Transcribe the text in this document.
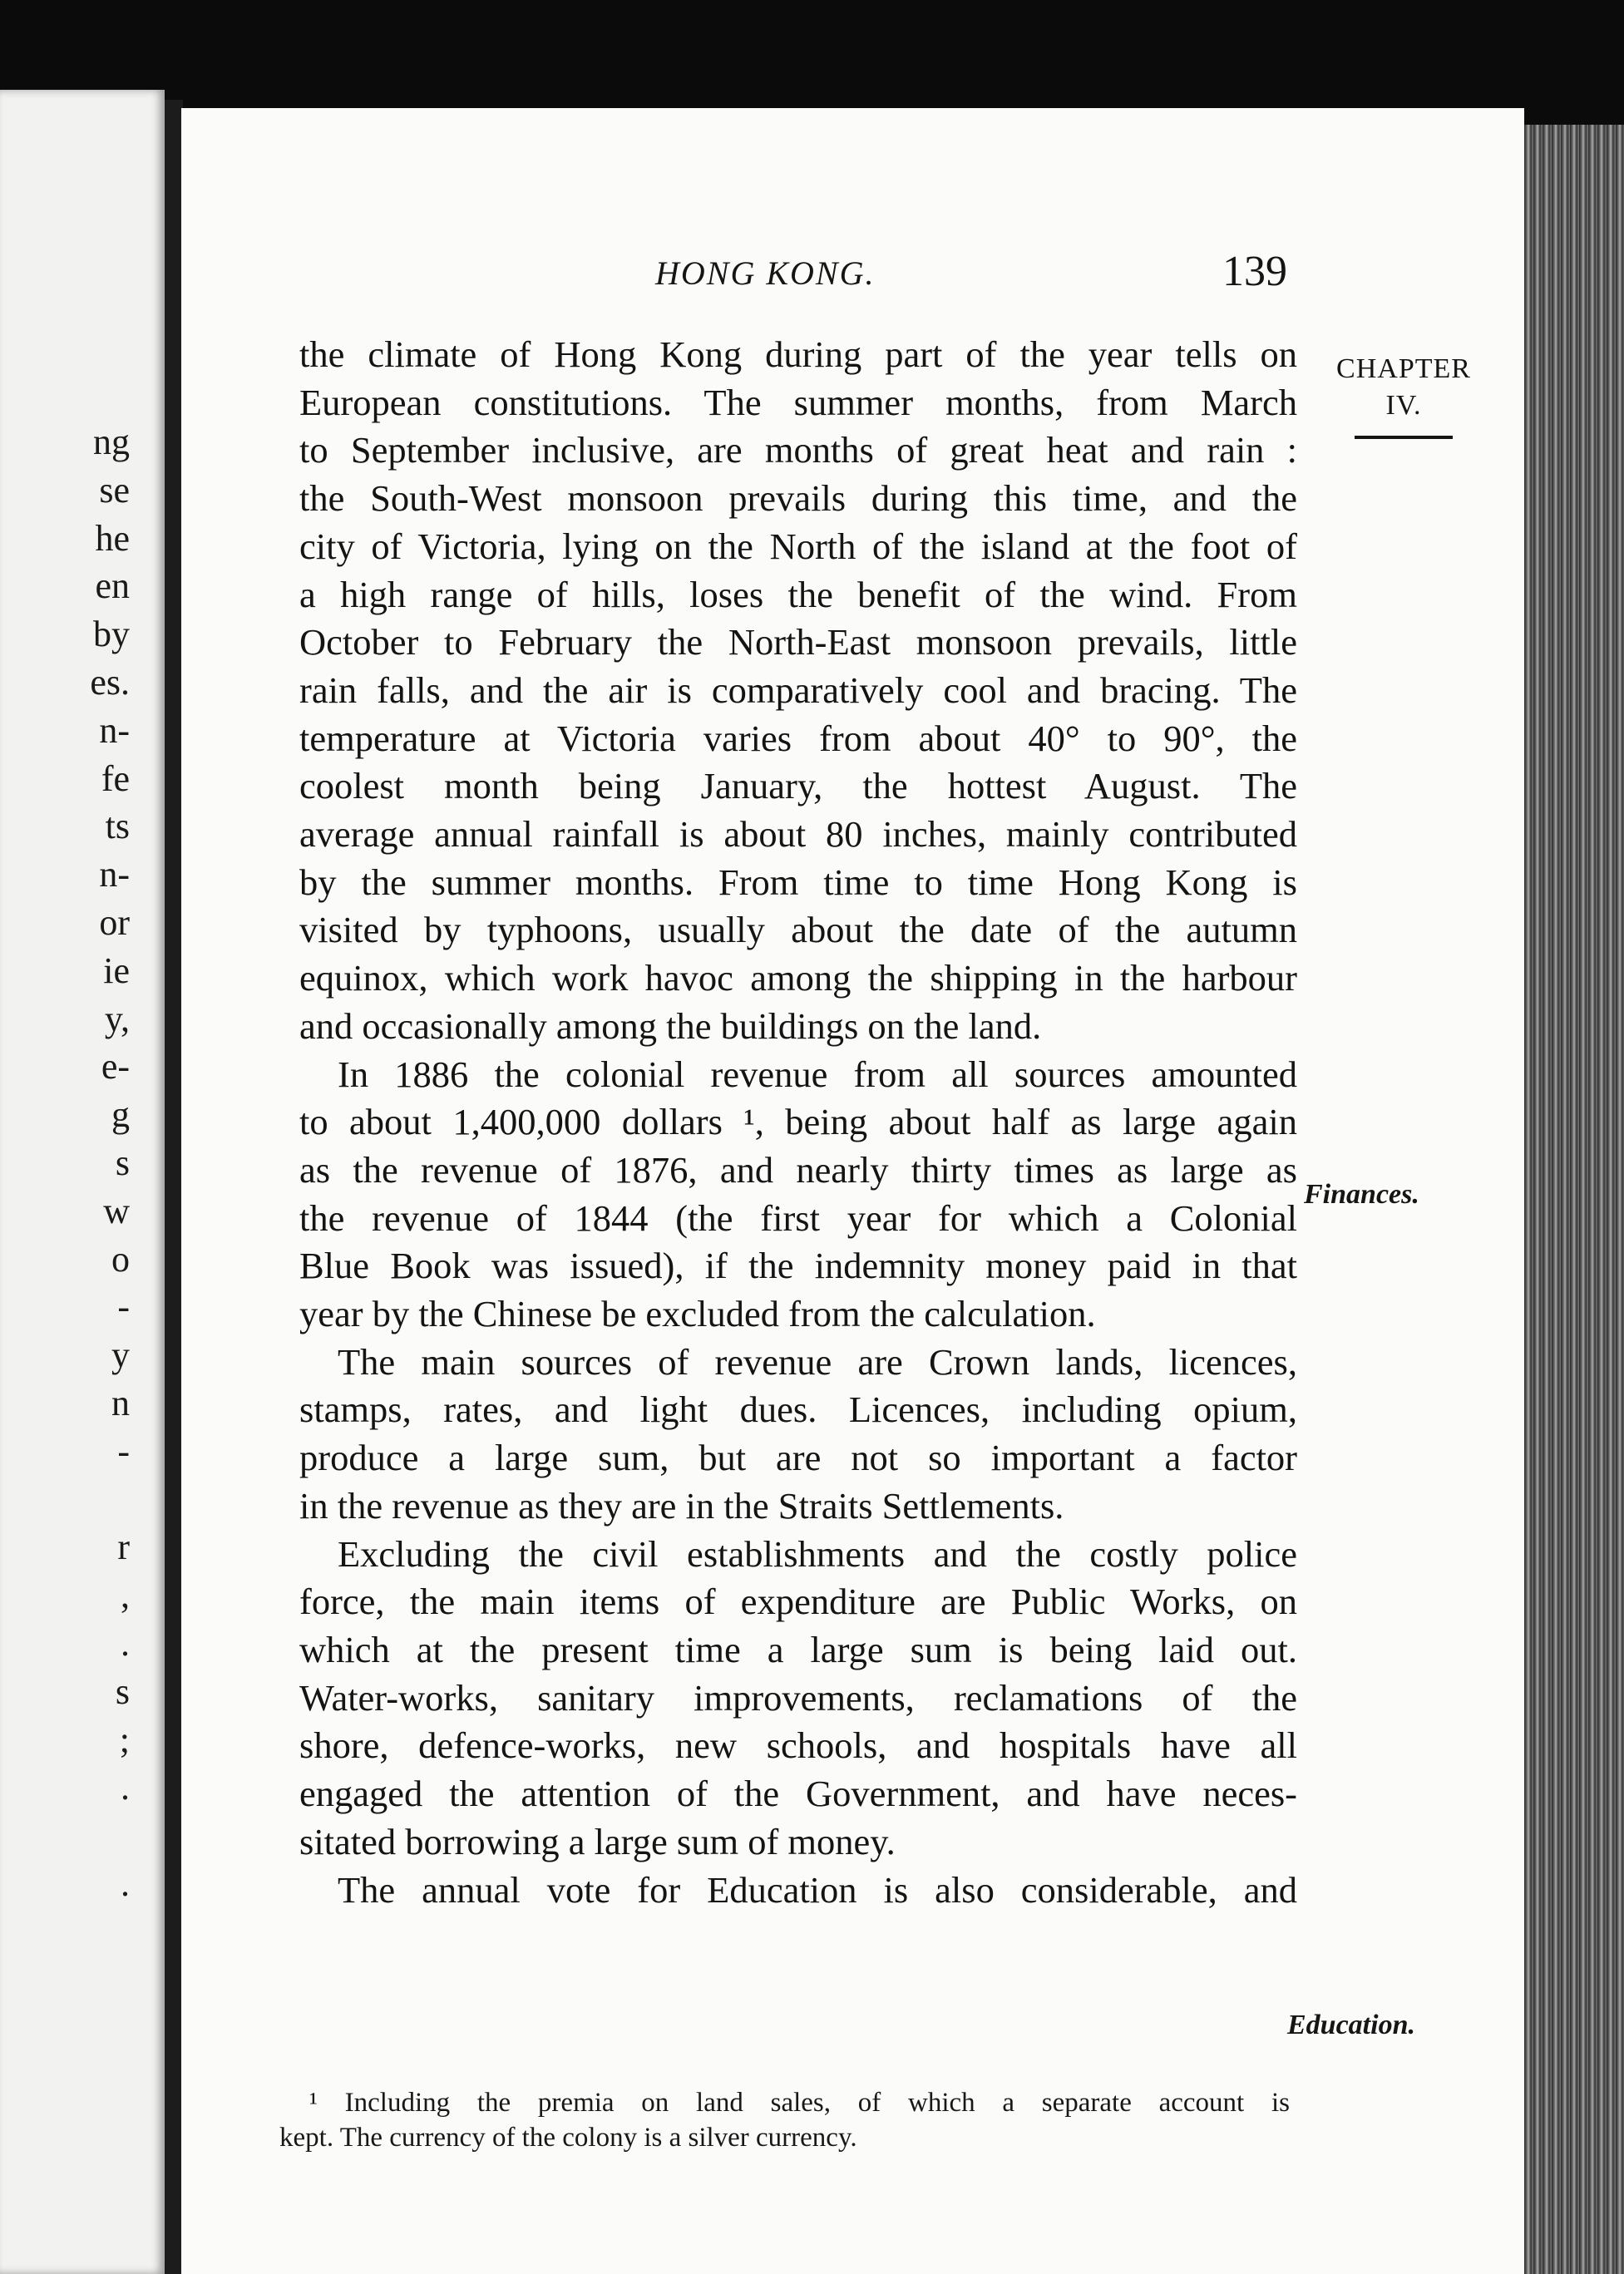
ng
se
he
en
by
es.
n-
fe
ts
n-
or
ie
y,
e-
g
s
w
o
-
y
n
-
r
,
.
s
;
.
.
HONG KONG.	139
CHAPTER
IV.
Finances.
Education.
the climate of Hong Kong during part of the year tells on
European constitutions. The summer months, from March
to September inclusive, are months of great heat and rain :
the South-West monsoon prevails during this time, and the
city of Victoria, lying on the North of the island at the foot of
a high range of hills, loses the benefit of the wind. From
October to February the North-East monsoon prevails, little
rain falls, and the air is comparatively cool and bracing. The
temperature at Victoria varies from about 40° to 90°, the
coolest month being January, the hottest August. The
average annual rainfall is about 80 inches, mainly contributed
by the summer months. From time to time Hong Kong is
visited by typhoons, usually about the date of the autumn
equinox, which work havoc among the shipping in the harbour
and occasionally among the buildings on the land.
In 1886 the colonial revenue from all sources amounted
to about 1,400,000 dollars ¹, being about half as large again
as the revenue of 1876, and nearly thirty times as large as
the revenue of 1844 (the first year for which a Colonial
Blue Book was issued), if the indemnity money paid in that
year by the Chinese be excluded from the calculation.
The main sources of revenue are Crown lands, licences,
stamps, rates, and light dues. Licences, including opium,
produce a large sum, but are not so important a factor
in the revenue as they are in the Straits Settlements.
Excluding the civil establishments and the costly police
force, the main items of expenditure are Public Works, on
which at the present time a large sum is being laid out.
Water-works, sanitary improvements, reclamations of the
shore, defence-works, new schools, and hospitals have all
engaged the attention of the Government, and have neces-
sitated borrowing a large sum of money.
The annual vote for Education is also considerable, and
¹ Including the premia on land sales, of which a separate account is
kept. The currency of the colony is a silver currency.
